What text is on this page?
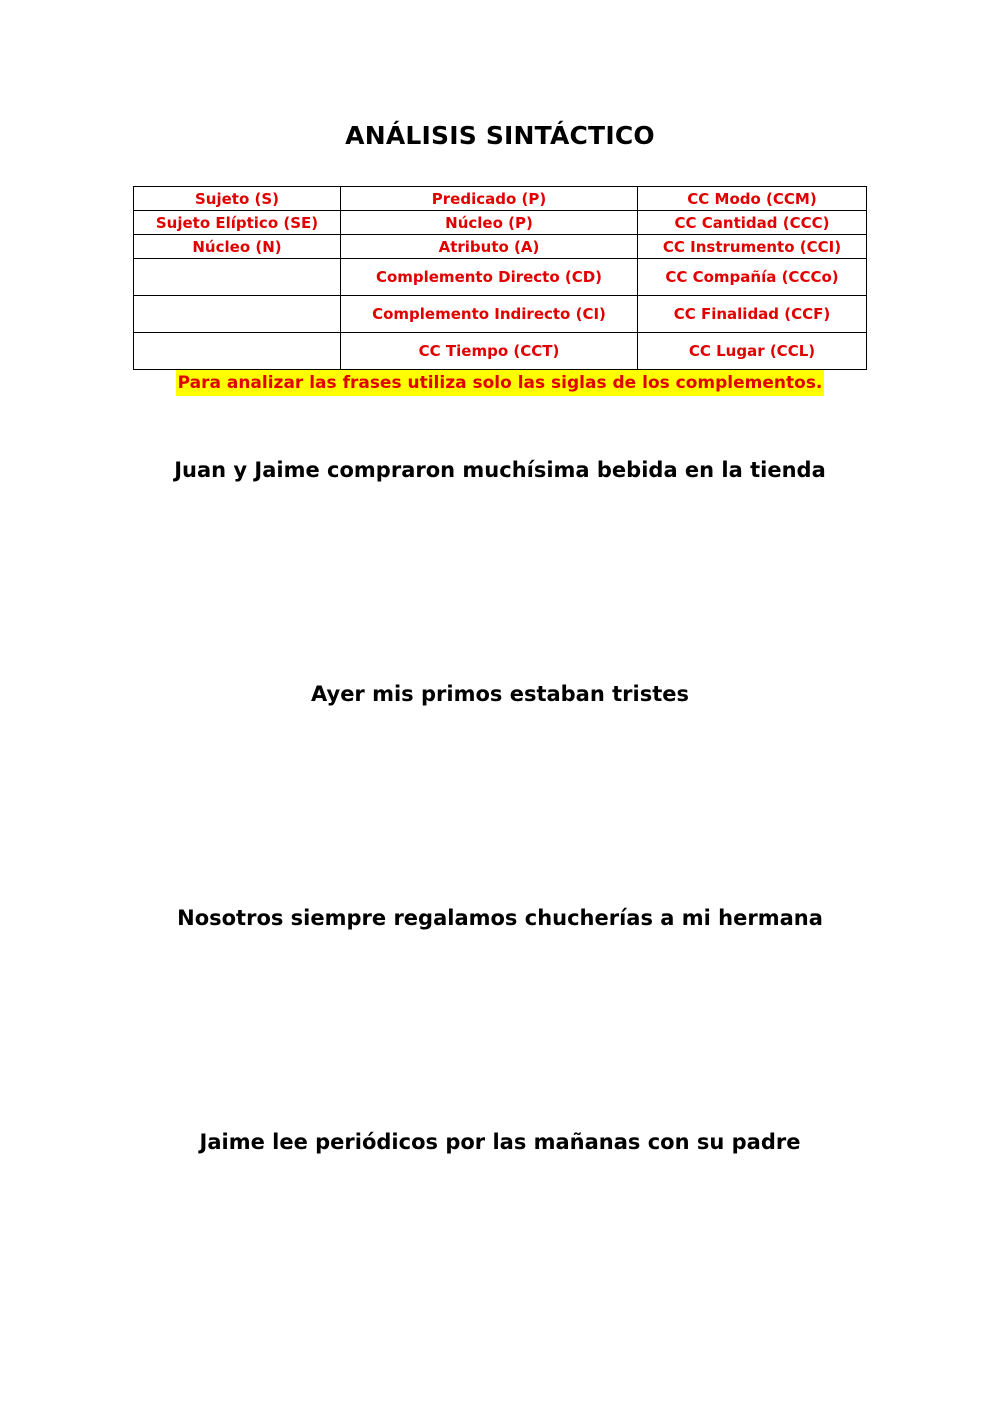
ANÁLISIS SINTÁCTICO
Sujeto (S)	Predicado (P)	CC Modo (CCM)
Sujeto Elíptico (SE)	Núcleo (P)	CC Cantidad (CCC)
Núcleo (N)	Atributo (A)	CC Instrumento (CCI)
	Complemento Directo (CD)	CC Compañía (CCCo)
	Complemento Indirecto (CI)	CC Finalidad (CCF)
	CC Tiempo (CCT)	CC Lugar (CCL)
Para analizar las frases utiliza solo las siglas de los complementos.
Juan y Jaime compraron muchísima bebida en la tienda
Ayer mis primos estaban tristes
Nosotros siempre regalamos chucherías a mi hermana
Jaime lee periódicos por las mañanas con su padre
